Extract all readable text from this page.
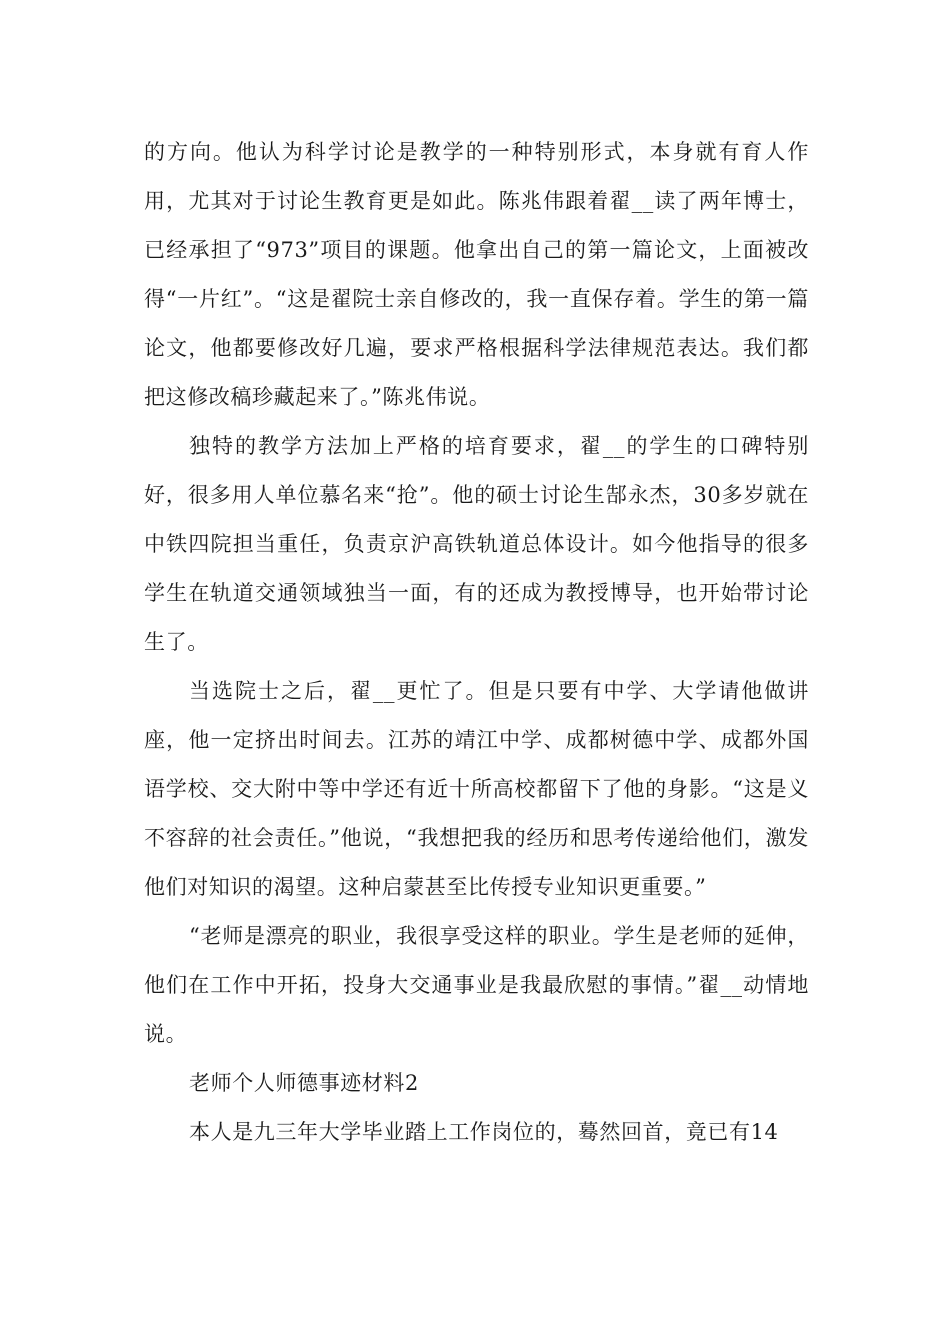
的方向。他认为科学讨论是教学的一种特别形式，本身就有育人作用，尤其对于讨论生教育更是如此。陈兆伟跟着翟__读了两年博士，已经承担了“973”项目的课题。他拿出自己的第一篇论文，上面被改得“一片红”。“这是翟院士亲自修改的，我一直保存着。学生的第一篇论文，他都要修改好几遍，要求严格根据科学法律规范表达。我们都把这修改稿珍藏起来了。”陈兆伟说。

独特的教学方法加上严格的培育要求，翟__的学生的口碑特别好，很多用人单位慕名来“抢”。他的硕士讨论生郜永杰，30多岁就在中铁四院担当重任，负责京沪高铁轨道总体设计。如今他指导的很多学生在轨道交通领域独当一面，有的还成为教授博导，也开始带讨论生了。

当选院士之后，翟__更忙了。但是只要有中学、大学请他做讲座，他一定挤出时间去。江苏的靖江中学、成都树德中学、成都外国语学校、交大附中等中学还有近十所高校都留下了他的身影。“这是义不容辞的社会责任。”他说，“我想把我的经历和思考传递给他们，激发他们对知识的渴望。这种启蒙甚至比传授专业知识更重要。”

“老师是漂亮的职业，我很享受这样的职业。学生是老师的延伸，他们在工作中开拓，投身大交通事业是我最欣慰的事情。”翟__动情地说。

老师个人师德事迹材料2

本人是九三年大学毕业踏上工作岗位的，蓦然回首，竟已有14
